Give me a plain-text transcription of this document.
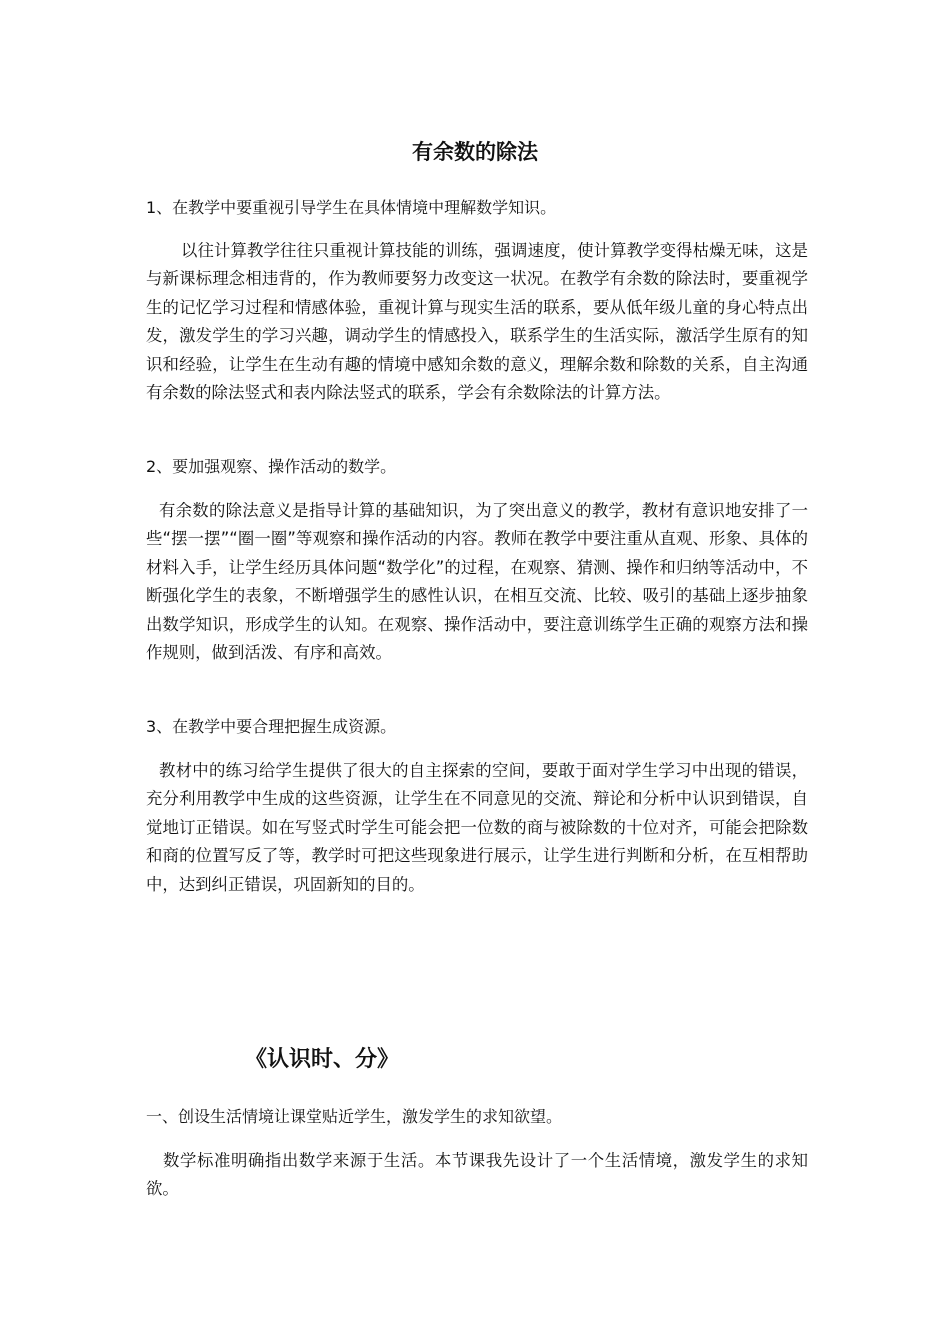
有余数的除法

1、在教学中要重视引导学生在具体情境中理解数学知识。

以往计算教学往往只重视计算技能的训练，强调速度，使计算教学变得枯燥无味，这是与新课标理念相违背的，作为教师要努力改变这一状况。在教学有余数的除法时，要重视学生的记忆学习过程和情感体验，重视计算与现实生活的联系，要从低年级儿童的身心特点出发，激发学生的学习兴趣，调动学生的情感投入，联系学生的生活实际，激活学生原有的知识和经验，让学生在生动有趣的情境中感知余数的意义，理解余数和除数的关系，自主沟通有余数的除法竖式和表内除法竖式的联系，学会有余数除法的计算方法。

2、要加强观察、操作活动的数学。

有余数的除法意义是指导计算的基础知识，为了突出意义的教学，教材有意识地安排了一些“摆一摆”“圈一圈”等观察和操作活动的内容。教师在教学中要注重从直观、形象、具体的材料入手，让学生经历具体问题“数学化”的过程，在观察、猜测、操作和归纳等活动中，不断强化学生的表象，不断增强学生的感性认识，在相互交流、比较、吸引的基础上逐步抽象出数学知识，形成学生的认知。在观察、操作活动中，要注意训练学生正确的观察方法和操作规则，做到活泼、有序和高效。

3、在教学中要合理把握生成资源。

教材中的练习给学生提供了很大的自主探索的空间，要敢于面对学生学习中出现的错误，充分利用教学中生成的这些资源，让学生在不同意见的交流、辩论和分析中认识到错误，自觉地订正错误。如在写竖式时学生可能会把一位数的商与被除数的十位对齐，可能会把除数和商的位置写反了等，教学时可把这些现象进行展示，让学生进行判断和分析，在互相帮助中，达到纠正错误，巩固新知的目的。

《认识时、分》

一、创设生活情境让课堂贴近学生，激发学生的求知欲望。

数学标准明确指出数学来源于生活。本节课我先设计了一个生活情境，激发学生的求知欲。
